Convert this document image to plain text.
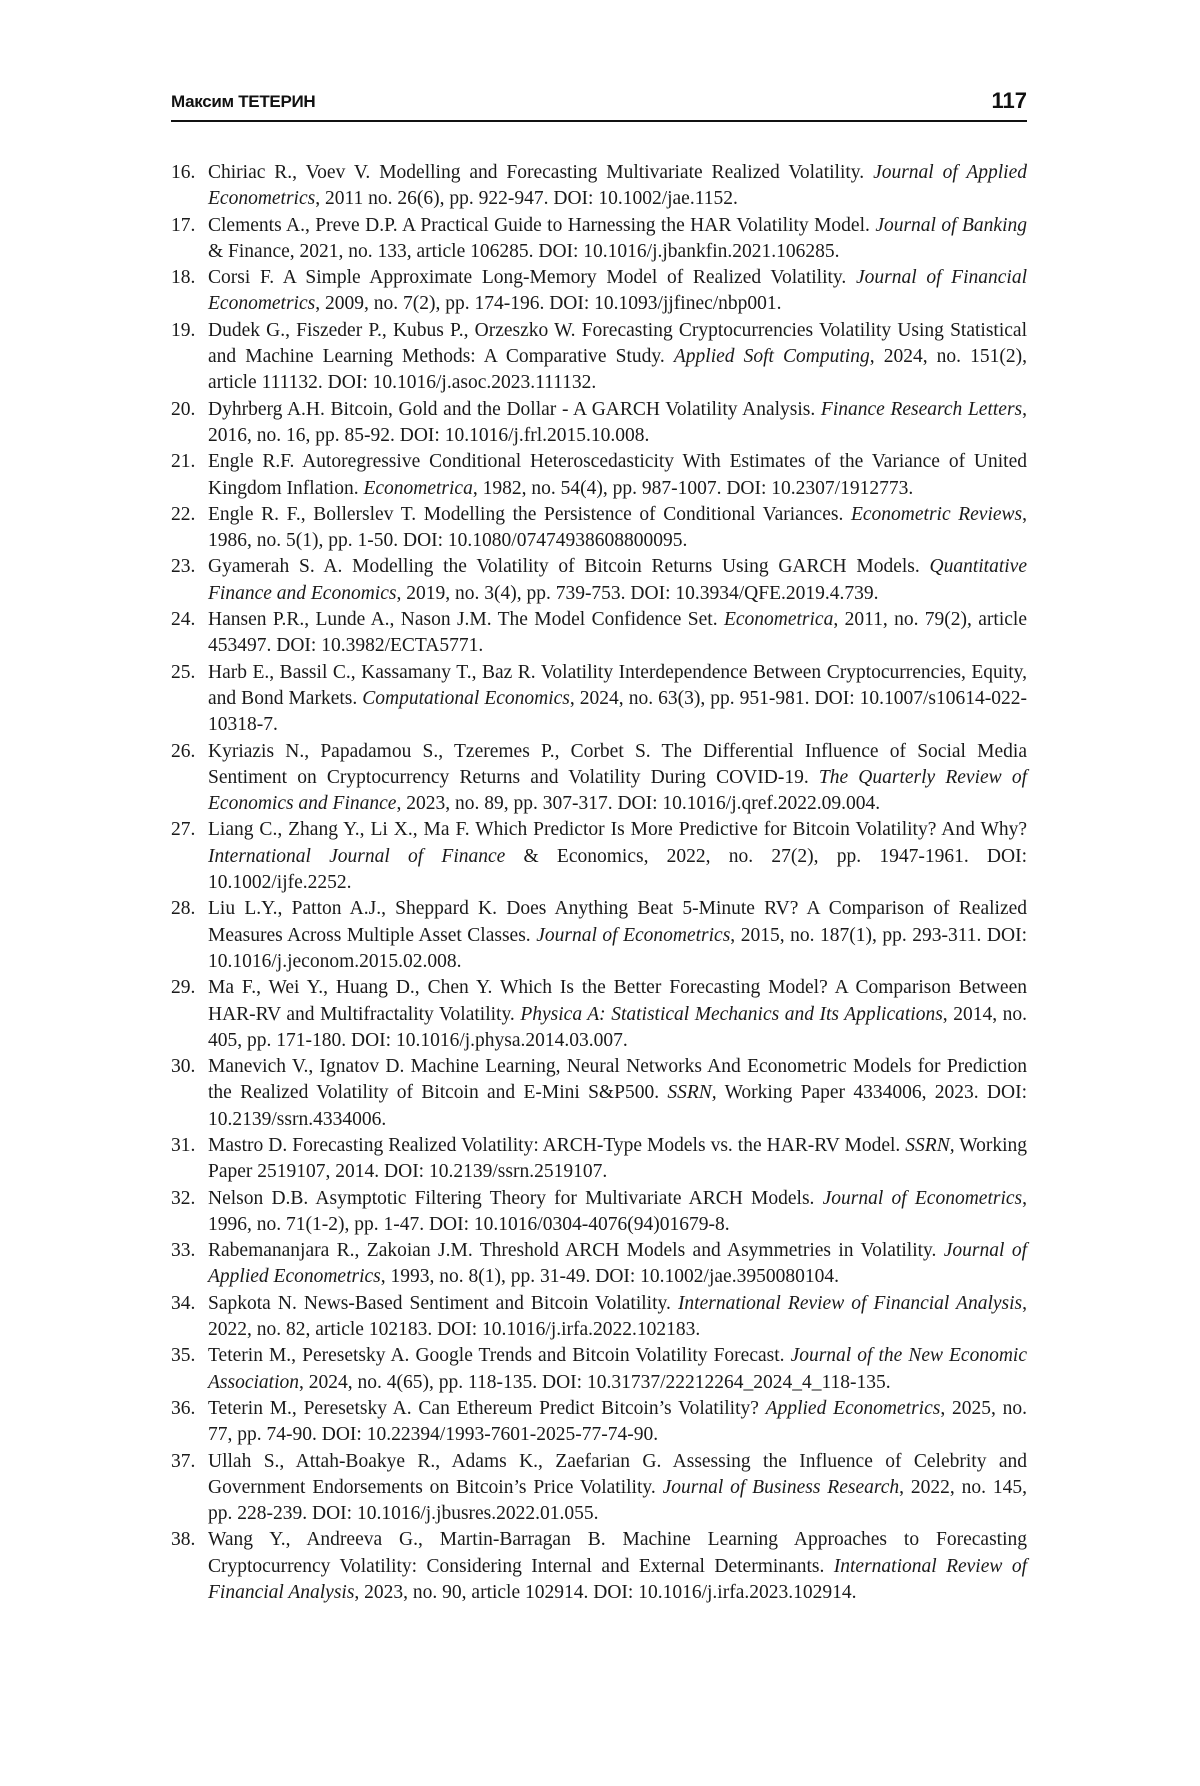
Максим ТЕТЕРИН	117
16. Chiriac R., Voev V. Modelling and Forecasting Multivariate Realized Volatility. Journal of Applied Econometrics, 2011 no. 26(6), pp. 922-947. DOI: 10.1002/jae.1152.
17. Clements A., Preve D.P. A Practical Guide to Harnessing the HAR Volatility Model. Journal of Banking & Finance, 2021, no. 133, article 106285. DOI: 10.1016/j.jbankfin.2021.106285.
18. Corsi F. A Simple Approximate Long-Memory Model of Realized Volatility. Journal of Financial Econometrics, 2009, no. 7(2), pp. 174-196. DOI: 10.1093/jjfinec/nbp001.
19. Dudek G., Fiszeder P., Kubus P., Orzeszko W. Forecasting Cryptocurrencies Volatility Using Statistical and Machine Learning Methods: A Comparative Study. Applied Soft Computing, 2024, no. 151(2), article 111132. DOI: 10.1016/j.asoc.2023.111132.
20. Dyhrberg A.H. Bitcoin, Gold and the Dollar - A GARCH Volatility Analysis. Finance Research Letters, 2016, no. 16, pp. 85-92. DOI: 10.1016/j.frl.2015.10.008.
21. Engle R.F. Autoregressive Conditional Heteroscedasticity With Estimates of the Variance of United Kingdom Inflation. Econometrica, 1982, no. 54(4), pp. 987-1007. DOI: 10.2307/1912773.
22. Engle R. F., Bollerslev T. Modelling the Persistence of Conditional Variances. Econometric Reviews, 1986, no. 5(1), pp. 1-50. DOI: 10.1080/07474938608800095.
23. Gyamerah S. A. Modelling the Volatility of Bitcoin Returns Using GARCH Models. Quantitative Finance and Economics, 2019, no. 3(4), pp. 739-753. DOI: 10.3934/QFE.2019.4.739.
24. Hansen P.R., Lunde A., Nason J.M. The Model Confidence Set. Econometrica, 2011, no. 79(2), article 453497. DOI: 10.3982/ECTA5771.
25. Harb E., Bassil C., Kassamany T., Baz R. Volatility Interdependence Between Cryptocurrencies, Equity, and Bond Markets. Computational Economics, 2024, no. 63(3), pp. 951-981. DOI: 10.1007/s10614-022-10318-7.
26. Kyriazis N., Papadamou S., Tzeremes P., Corbet S. The Differential Influence of Social Media Sentiment on Cryptocurrency Returns and Volatility During COVID-19. The Quarterly Review of Economics and Finance, 2023, no. 89, pp. 307-317. DOI: 10.1016/j.qref.2022.09.004.
27. Liang C., Zhang Y., Li X., Ma F. Which Predictor Is More Predictive for Bitcoin Volatility? And Why? International Journal of Finance & Economics, 2022, no. 27(2), pp. 1947-1961. DOI: 10.1002/ijfe.2252.
28. Liu L.Y., Patton A.J., Sheppard K. Does Anything Beat 5-Minute RV? A Comparison of Realized Measures Across Multiple Asset Classes. Journal of Econometrics, 2015, no. 187(1), pp. 293-311. DOI: 10.1016/j.jeconom.2015.02.008.
29. Ma F., Wei Y., Huang D., Chen Y. Which Is the Better Forecasting Model? A Comparison Between HAR-RV and Multifractality Volatility. Physica A: Statistical Mechanics and Its Applications, 2014, no. 405, pp. 171-180. DOI: 10.1016/j.physa.2014.03.007.
30. Manevich V., Ignatov D. Machine Learning, Neural Networks And Econometric Models for Prediction the Realized Volatility of Bitcoin and E-Mini S&P500. SSRN, Working Paper 4334006, 2023. DOI: 10.2139/ssrn.4334006.
31. Mastro D. Forecasting Realized Volatility: ARCH-Type Models vs. the HAR-RV Model. SSRN, Working Paper 2519107, 2014. DOI: 10.2139/ssrn.2519107.
32. Nelson D.B. Asymptotic Filtering Theory for Multivariate ARCH Models. Journal of Econometrics, 1996, no. 71(1-2), pp. 1-47. DOI: 10.1016/0304-4076(94)01679-8.
33. Rabemananjara R., Zakoian J.M. Threshold ARCH Models and Asymmetries in Volatility. Journal of Applied Econometrics, 1993, no. 8(1), pp. 31-49. DOI: 10.1002/jae.3950080104.
34. Sapkota N. News-Based Sentiment and Bitcoin Volatility. International Review of Financial Analysis, 2022, no. 82, article 102183. DOI: 10.1016/j.irfa.2022.102183.
35. Teterin M., Peresetsky A. Google Trends and Bitcoin Volatility Forecast. Journal of the New Economic Association, 2024, no. 4(65), pp. 118-135. DOI: 10.31737/22212264_2024_4_118-135.
36. Teterin M., Peresetsky A. Can Ethereum Predict Bitcoin’s Volatility? Applied Econometrics, 2025, no. 77, pp. 74-90. DOI: 10.22394/1993-7601-2025-77-74-90.
37. Ullah S., Attah-Boakye R., Adams K., Zaefarian G. Assessing the Influence of Celebrity and Government Endorsements on Bitcoin’s Price Volatility. Journal of Business Research, 2022, no. 145, pp. 228-239. DOI: 10.1016/j.jbusres.2022.01.055.
38. Wang Y., Andreeva G., Martin-Barragan B. Machine Learning Approaches to Forecasting Cryptocurrency Volatility: Considering Internal and External Determinants. International Review of Financial Analysis, 2023, no. 90, article 102914. DOI: 10.1016/j.irfa.2023.102914.
